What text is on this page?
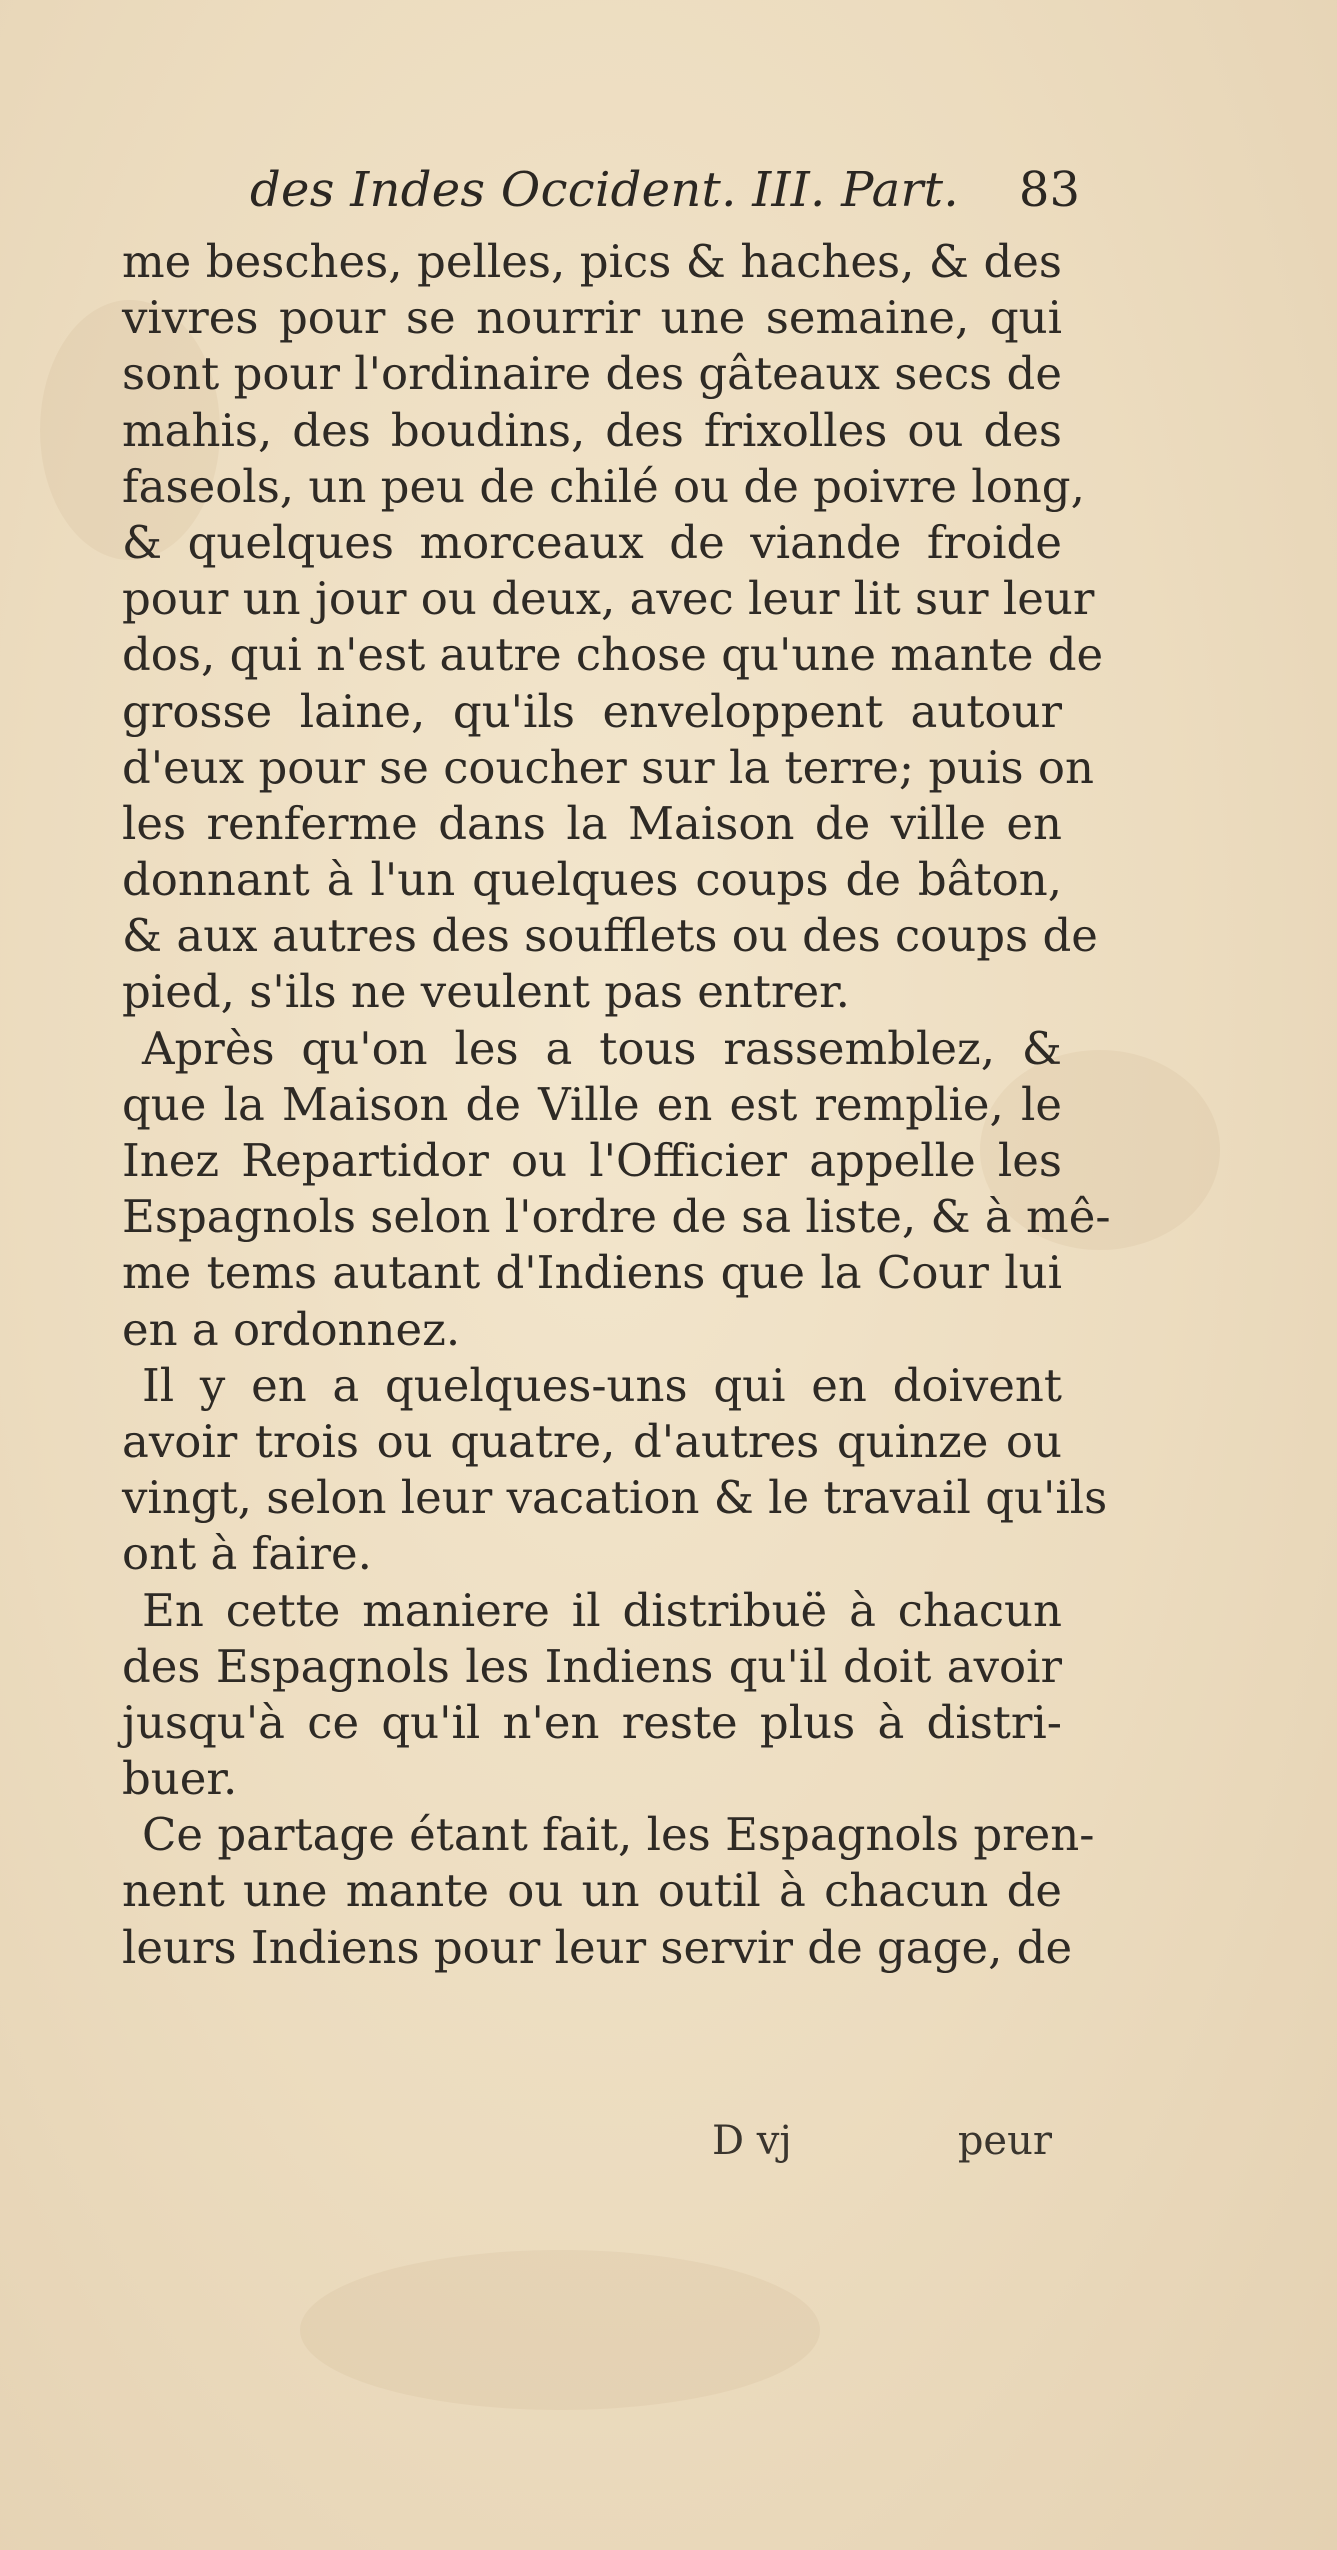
des Indes Occident. III. Part. 83
me besches, pelles, pics & haches, & des
vivres pour se nourrir une semaine, qui
sont pour l'ordinaire des gâteaux secs de
mahis, des boudins, des frixolles ou des
faseols, un peu de chilé ou de poivre long,
& quelques morceaux de viande froide
pour un jour ou deux, avec leur lit sur leur
dos, qui n'est autre chose qu'une mante de
grosse laine, qu'ils enveloppent autour
d'eux pour se coucher sur la terre; puis on
les renferme dans la Maison de ville en
donnant à l'un quelques coups de bâton,
& aux autres des soufflets ou des coups de
pied, s'ils ne veulent pas entrer.
Après qu'on les a tous rassemblez, &
que la Maison de Ville en est remplie, le
Inez Repartidor ou l'Officier appelle les
Espagnols selon l'ordre de sa liste, & à mê-
me tems autant d'Indiens que la Cour lui
en a ordonnez.
Il y en a quelques-uns qui en doivent
avoir trois ou quatre, d'autres quinze ou
vingt, selon leur vacation & le travail qu'ils
ont à faire.
En cette maniere il distribuë à chacun
des Espagnols les Indiens qu'il doit avoir
jusqu'à ce qu'il n'en reste plus à distri-
buer.
Ce partage étant fait, les Espagnols pren-
nent une mante ou un outil à chacun de
leurs Indiens pour leur servir de gage, de
D vj	peur
